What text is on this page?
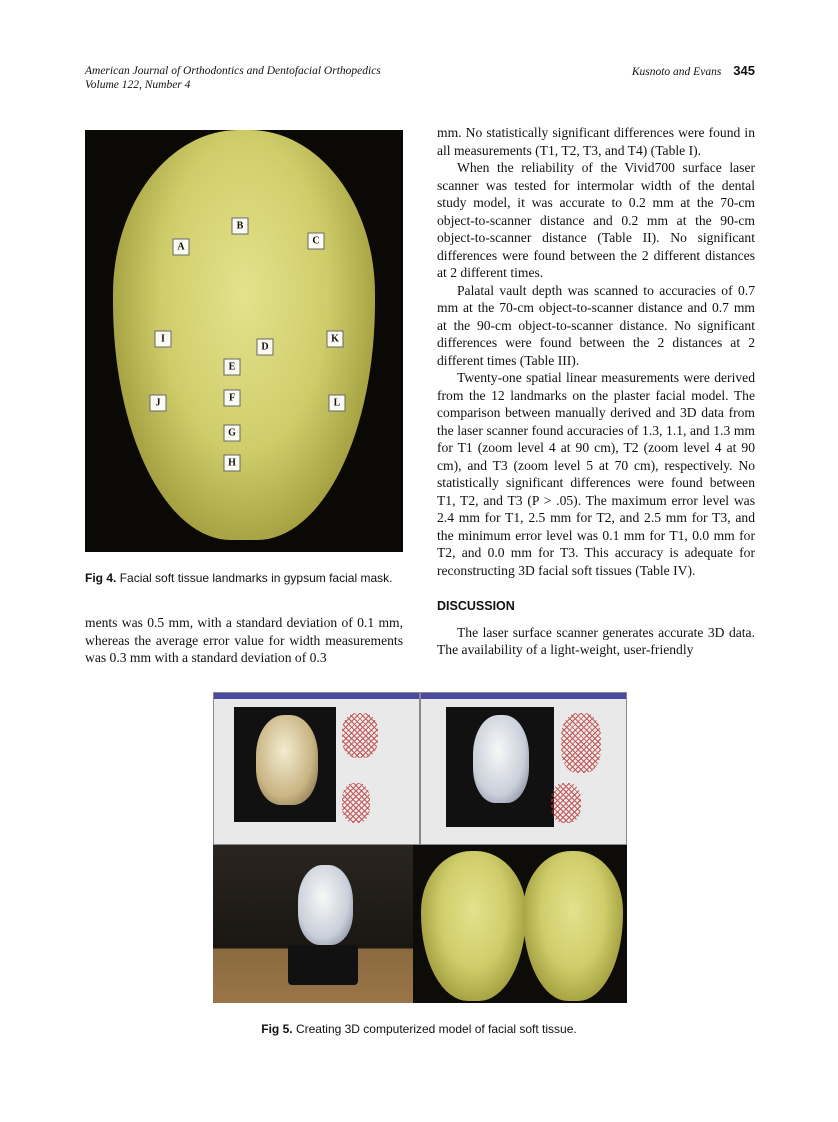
American Journal of Orthodontics and Dentofacial Orthopedics
Volume 122, Number 4
Kusnoto and Evans 345
A
B
C
I
D
K
E
J	F	L
G
H
Fig 4. Facial soft tissue landmarks in gypsum facial mask.

ments was 0.5 mm, with a standard deviation of 0.1 mm, whereas the average error value for width measurements was 0.3 mm with a standard deviation of 0.3

mm. No statistically significant differences were found in all measurements (T1, T2, T3, and T4) (Table I).

When the reliability of the Vivid700 surface laser scanner was tested for intermolar width of the dental study model, it was accurate to 0.2 mm at the 70-cm object-to-scanner distance and 0.2 mm at the 90-cm object-to-scanner distance (Table II). No significant differences were found between the 2 different distances at 2 different times.

Palatal vault depth was scanned to accuracies of 0.7 mm at the 70-cm object-to-scanner distance and 0.7 mm at the 90-cm object-to-scanner distance. No significant differences were found between the 2 distances at 2 different times (Table III).

Twenty-one spatial linear measurements were derived from the 12 landmarks on the plaster facial model. The comparison between manually derived and 3D data from the laser scanner found accuracies of 1.3, 1.1, and 1.3 mm for T1 (zoom level 4 at 90 cm), T2 (zoom level 4 at 90 cm), and T3 (zoom level 5 at 70 cm), respectively. No statistically significant differences were found between T1, T2, and T3 (P > .05). The maximum error level was 2.4 mm for T1, 2.5 mm for T2, and 2.5 mm for T3, and the minimum error level was 0.1 mm for T1, 0.0 mm for T2, and 0.0 mm for T3. This accuracy is adequate for reconstructing 3D facial soft tissues (Table IV).

DISCUSSION

The laser surface scanner generates accurate 3D data. The availability of a light-weight, user-friendly

Fig 5. Creating 3D computerized model of facial soft tissue.
